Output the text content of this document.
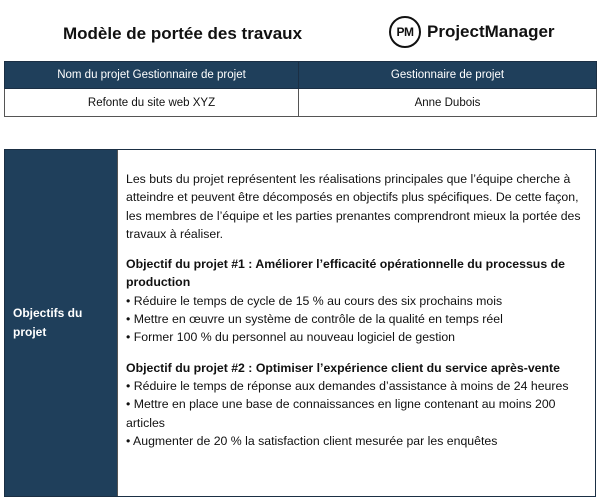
Modèle de portée des travaux	PM ProjectManager
Nom du projet Gestionnaire de projet	Gestionnaire de projet
Refonte du site web XYZ	Anne Dubois
Objectifs du projet

Les buts du projet représentent les réalisations principales que l’équipe cherche à atteindre et peuvent être décomposés en objectifs plus spécifiques. De cette façon, les membres de l’équipe et les parties prenantes comprendront mieux la portée des travaux à réaliser.

Objectif du projet #1 : Améliorer l’efficacité opérationnelle du processus de production

• Réduire le temps de cycle de 15 % au cours des six prochains mois

• Mettre en œuvre un système de contrôle de la qualité en temps réel

• Former 100 % du personnel au nouveau logiciel de gestion

Objectif du projet #2 : Optimiser l’expérience client du service après-vente

• Réduire le temps de réponse aux demandes d’assistance à moins de 24 heures

• Mettre en place une base de connaissances en ligne contenant au moins 200 articles

• Augmenter de 20 % la satisfaction client mesurée par les enquêtes
